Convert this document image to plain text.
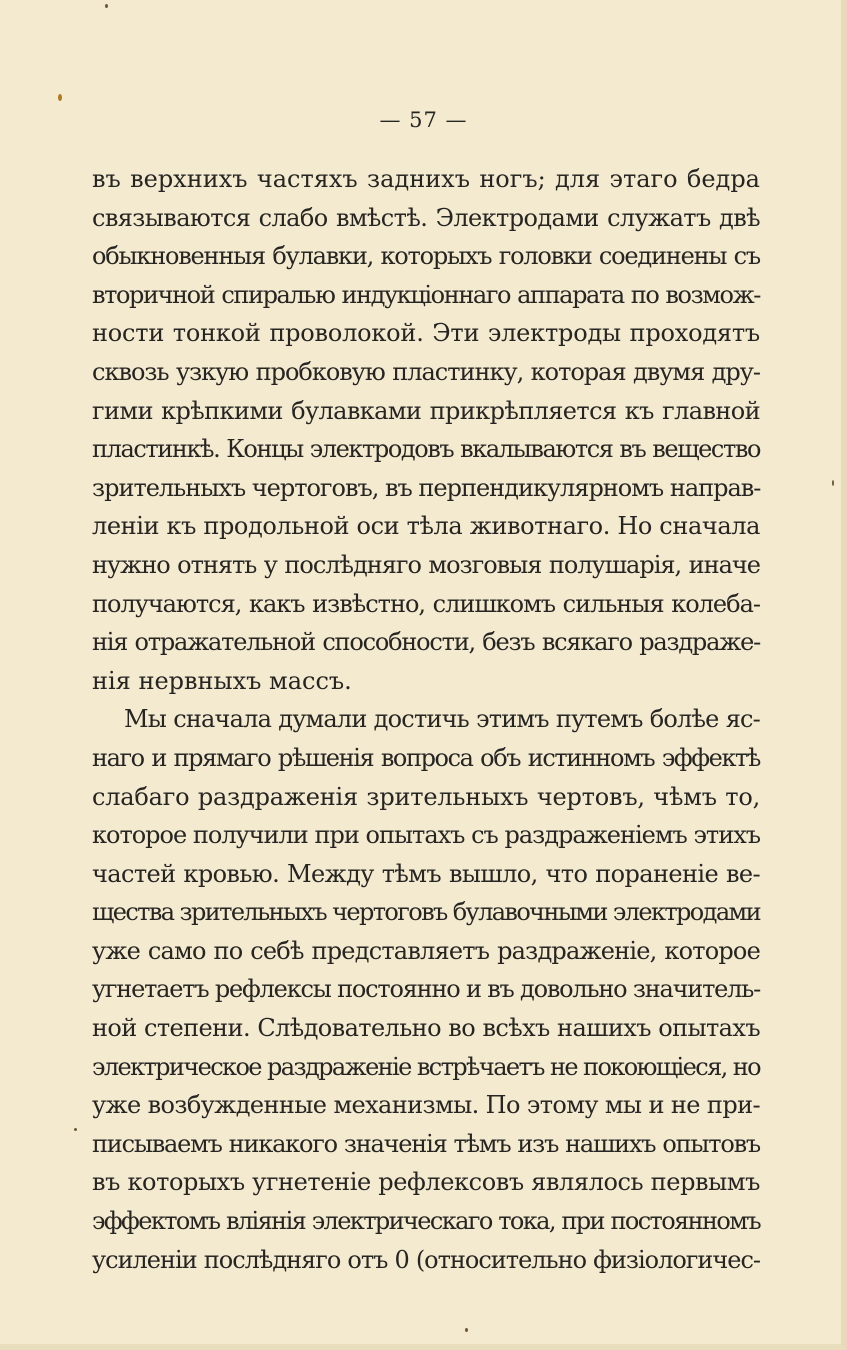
— 57 —
въ верхнихъ частяхъ заднихъ ногъ; для этаго бедра
связываются слабо вмѣстѣ. Электродами служатъ двѣ
обыкновенныя булавки, которыхъ головки соединены съ
вторичной спиралью индукціоннаго аппарата по возмож-
ности тонкой проволокой. Эти электроды проходятъ
сквозь узкую пробковую пластинку, которая двумя дру-
гими крѣпкими булавками прикрѣпляется къ главной
пластинкѣ. Концы электродовъ вкалываются въ вещество
зрительныхъ чертоговъ, въ перпендикулярномъ направ-
леніи къ продольной оси тѣла животнаго. Но сначала
нужно отнять у послѣдняго мозговыя полушарія, иначе
получаются, какъ извѣстно, слишкомъ сильныя колеба-
нія отражательной способности, безъ всякаго раздраже-
нія нервныхъ массъ.
Мы сначала думали достичь этимъ путемъ болѣе яс-
наго и прямаго рѣшенія вопроса объ истинномъ эффектѣ
слабаго раздраженія зрительныхъ чертовъ, чѣмъ то,
которое получили при опытахъ съ раздраженіемъ этихъ
частей кровью. Между тѣмъ вышло, что пораненіе ве-
щества зрительныхъ чертоговъ булавочными электродами
уже само по себѣ представляетъ раздраженіе, которое
угнетаетъ рефлексы постоянно и въ довольно значитель-
ной степени. Слѣдовательно во всѣхъ нашихъ опытахъ
электрическое раздраженіе встрѣчаетъ не покоющіеся, но
уже возбужденные механизмы. По этому мы и не при-
писываемъ никакого значенія тѣмъ изъ нашихъ опытовъ
въ которыхъ угнетеніе рефлексовъ являлось первымъ
эффектомъ вліянія электрическаго тока, при постоянномъ
усиленіи послѣдняго отъ 0 (относительно физіологичес-
